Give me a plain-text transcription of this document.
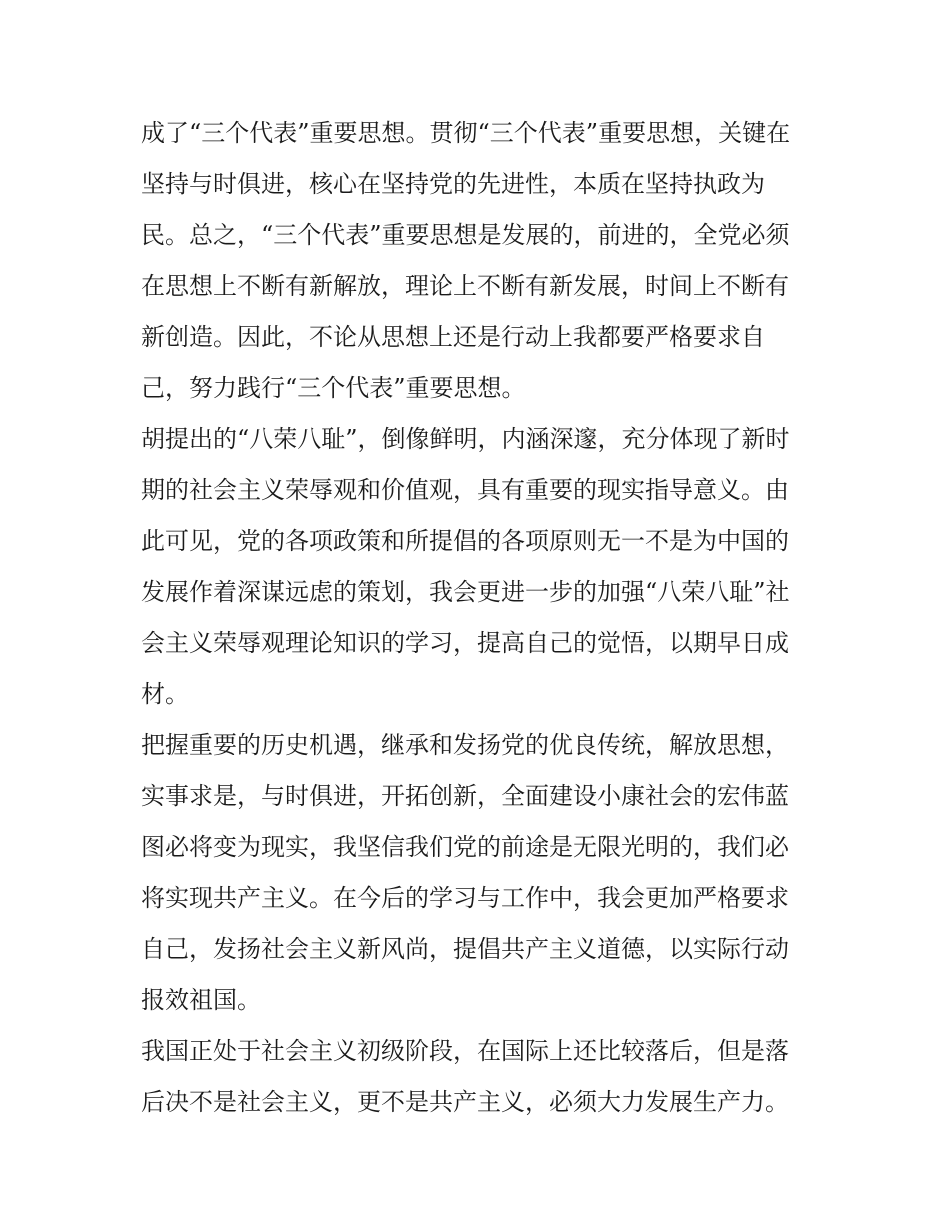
成了“三个代表”重要思想。贯彻“三个代表”重要思想，关键在
坚持与时俱进，核心在坚持党的先进性，本质在坚持执政为
民。总之，“三个代表”重要思想是发展的，前进的，全党必须
在思想上不断有新解放，理论上不断有新发展，时间上不断有
新创造。因此，不论从思想上还是行动上我都要严格要求自
己，努力践行“三个代表”重要思想。
胡提出的“八荣八耻”，倒像鲜明，内涵深邃，充分体现了新时
期的社会主义荣辱观和价值观，具有重要的现实指导意义。由
此可见，党的各项政策和所提倡的各项原则无一不是为中国的
发展作着深谋远虑的策划，我会更进一步的加强“八荣八耻”社
会主义荣辱观理论知识的学习，提高自己的觉悟，以期早日成
材。
把握重要的历史机遇，继承和发扬党的优良传统，解放思想，
实事求是，与时俱进，开拓创新，全面建设小康社会的宏伟蓝
图必将变为现实，我坚信我们党的前途是无限光明的，我们必
将实现共产主义。在今后的学习与工作中，我会更加严格要求
自己，发扬社会主义新风尚，提倡共产主义道德，以实际行动
报效祖国。
我国正处于社会主义初级阶段，在国际上还比较落后，但是落
后决不是社会主义，更不是共产主义，必须大力发展生产力。
